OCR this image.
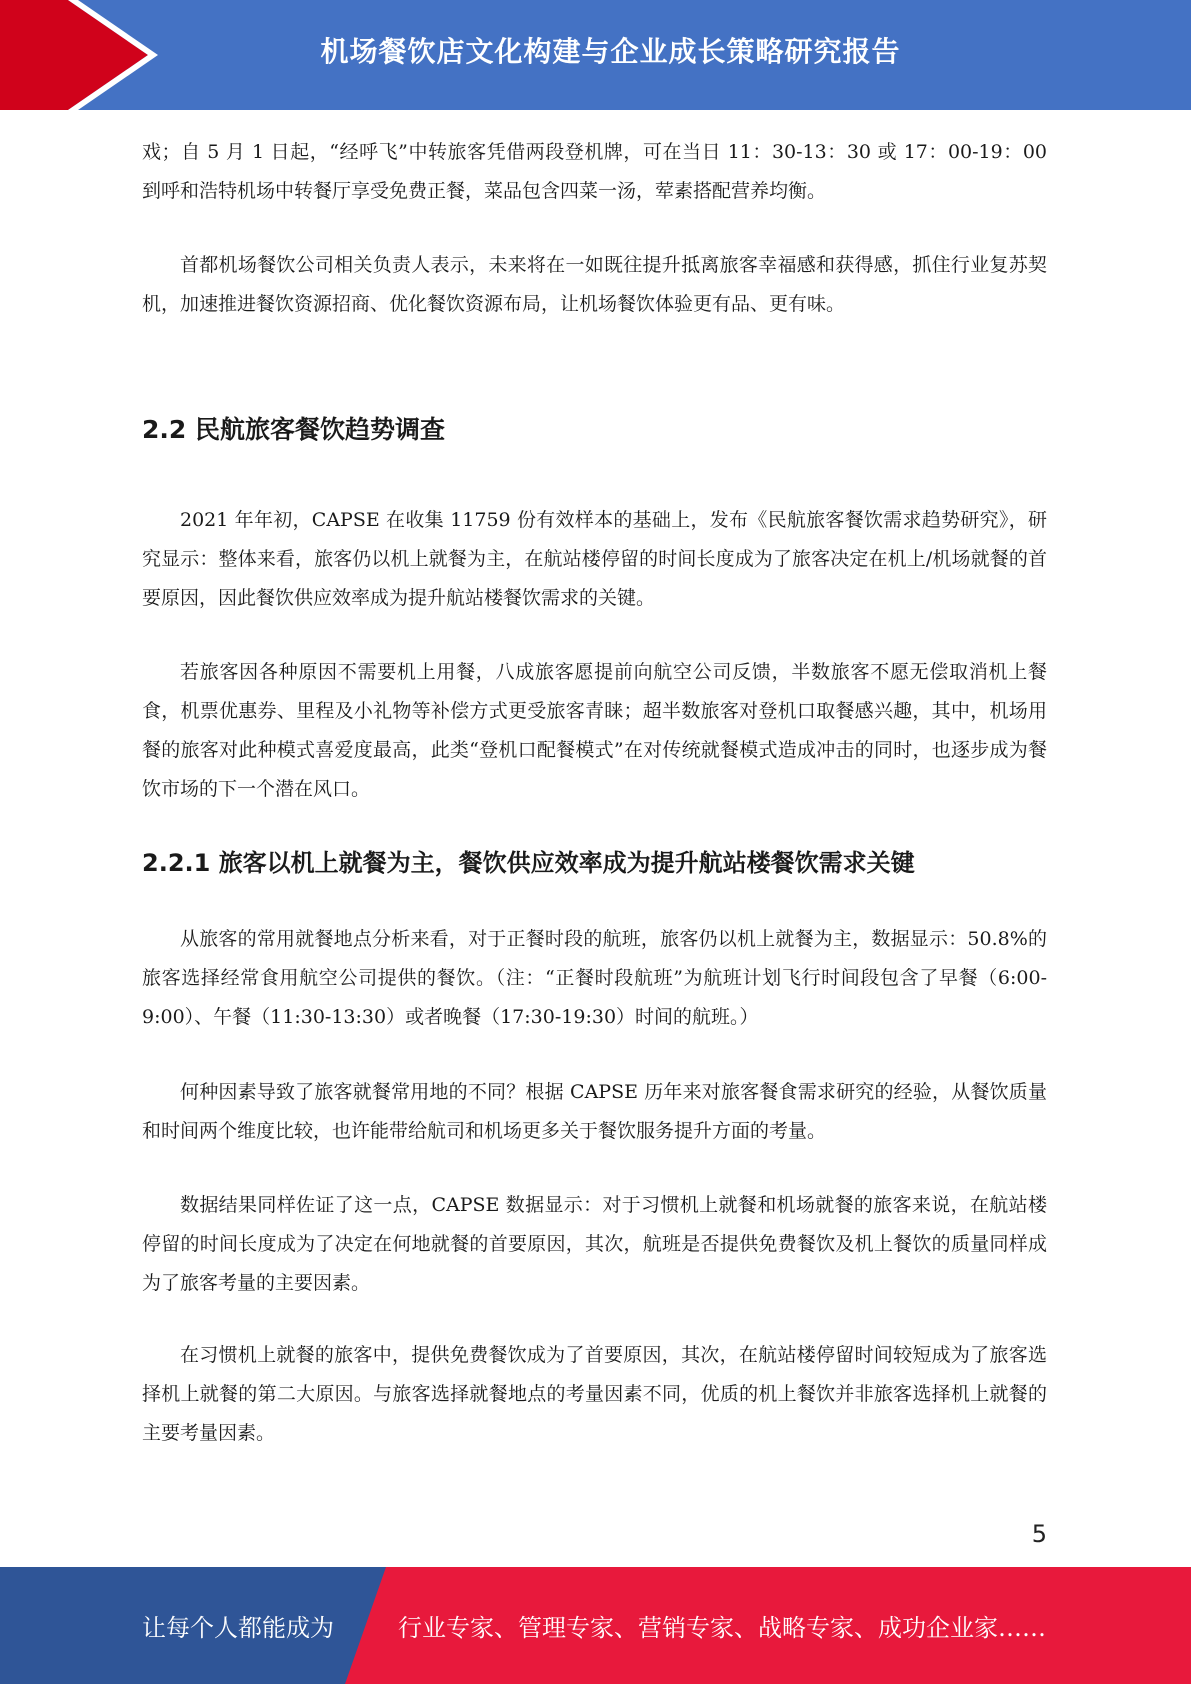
机场餐饮店文化构建与企业成长策略研究报告

戏；自 5 月 1 日起，“经呼飞”中转旅客凭借两段登机牌，可在当日 11：30-13：30 或 17：00-19：00 到呼和浩特机场中转餐厅享受免费正餐，菜品包含四菜一汤，荤素搭配营养均衡。

首都机场餐饮公司相关负责人表示，未来将在一如既往提升抵离旅客幸福感和获得感，抓住行业复苏契机，加速推进餐饮资源招商、优化餐饮资源布局，让机场餐饮体验更有品、更有味。

2.2 民航旅客餐饮趋势调查

2021 年年初，CAPSE 在收集 11759 份有效样本的基础上，发布《民航旅客餐饮需求趋势研究》，研究显示：整体来看，旅客仍以机上就餐为主，在航站楼停留的时间长度成为了旅客决定在机上/机场就餐的首要原因，因此餐饮供应效率成为提升航站楼餐饮需求的关键。

若旅客因各种原因不需要机上用餐，八成旅客愿提前向航空公司反馈，半数旅客不愿无偿取消机上餐食，机票优惠券、里程及小礼物等补偿方式更受旅客青睐；超半数旅客对登机口取餐感兴趣，其中，机场用餐的旅客对此种模式喜爱度最高，此类“登机口配餐模式”在对传统就餐模式造成冲击的同时，也逐步成为餐饮市场的下一个潜在风口。

2.2.1 旅客以机上就餐为主，餐饮供应效率成为提升航站楼餐饮需求关键

从旅客的常用就餐地点分析来看，对于正餐时段的航班，旅客仍以机上就餐为主，数据显示：50.8%的旅客选择经常食用航空公司提供的餐饮。（注：“正餐时段航班”为航班计划飞行时间段包含了早餐（6:00-9:00）、午餐（11:30-13:30）或者晚餐（17:30-19:30）时间的航班。）

何种因素导致了旅客就餐常用地的不同？根据 CAPSE 历年来对旅客餐食需求研究的经验，从餐饮质量和时间两个维度比较，也许能带给航司和机场更多关于餐饮服务提升方面的考量。

数据结果同样佐证了这一点，CAPSE 数据显示：对于习惯机上就餐和机场就餐的旅客来说，在航站楼停留的时间长度成为了决定在何地就餐的首要原因，其次，航班是否提供免费餐饮及机上餐饮的质量同样成为了旅客考量的主要因素。

在习惯机上就餐的旅客中，提供免费餐饮成为了首要原因，其次，在航站楼停留时间较短成为了旅客选择机上就餐的第二大原因。与旅客选择就餐地点的考量因素不同，优质的机上餐饮并非旅客选择机上就餐的主要考量因素。

5
让每个人都能成为	行业专家、管理专家、营销专家、战略专家、成功企业家……
